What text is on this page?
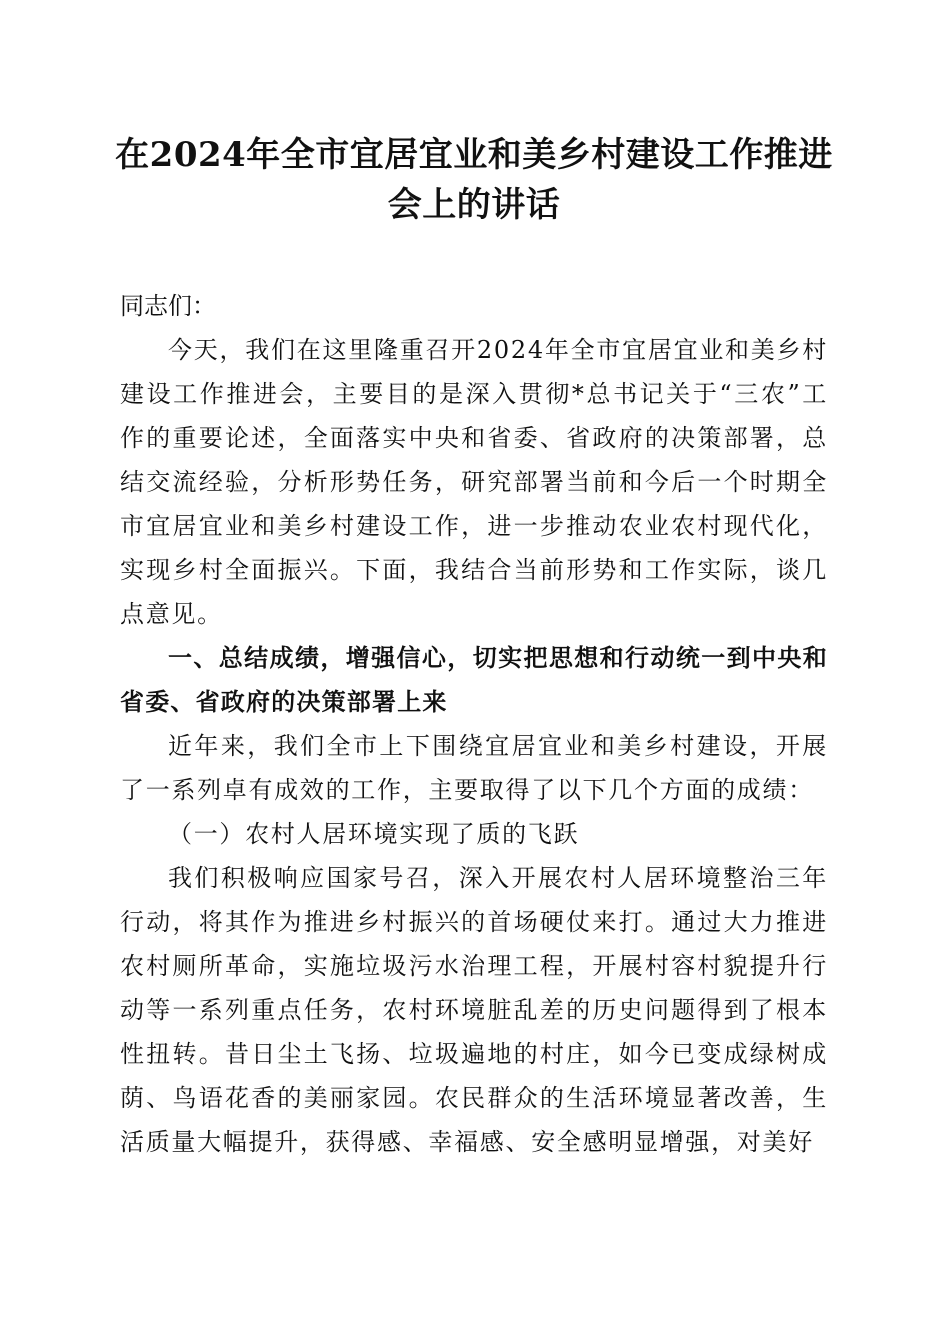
在2024年全市宜居宜业和美乡村建设工作推进会上的讲话
同志们：

今天，我们在这里隆重召开2024年全市宜居宜业和美乡村建设工作推进会，主要目的是深入贯彻*总书记关于“三农”工作的重要论述，全面落实中央和省委、省政府的决策部署，总结交流经验，分析形势任务，研究部署当前和今后一个时期全市宜居宜业和美乡村建设工作，进一步推动农业农村现代化，实现乡村全面振兴。下面，我结合当前形势和工作实际，谈几点意见。

一、总结成绩，增强信心，切实把思想和行动统一到中央和省委、省政府的决策部署上来

近年来，我们全市上下围绕宜居宜业和美乡村建设，开展了一系列卓有成效的工作，主要取得了以下几个方面的成绩：

（一）农村人居环境实现了质的飞跃

我们积极响应国家号召，深入开展农村人居环境整治三年行动，将其作为推进乡村振兴的首场硬仗来打。通过大力推进农村厕所革命，实施垃圾污水治理工程，开展村容村貌提升行动等一系列重点任务，农村环境脏乱差的历史问题得到了根本性扭转。昔日尘土飞扬、垃圾遍地的村庄，如今已变成绿树成荫、鸟语花香的美丽家园。农民群众的生活环境显著改善，生活质量大幅提升，获得感、幸福感、安全感明显增强，对美好
